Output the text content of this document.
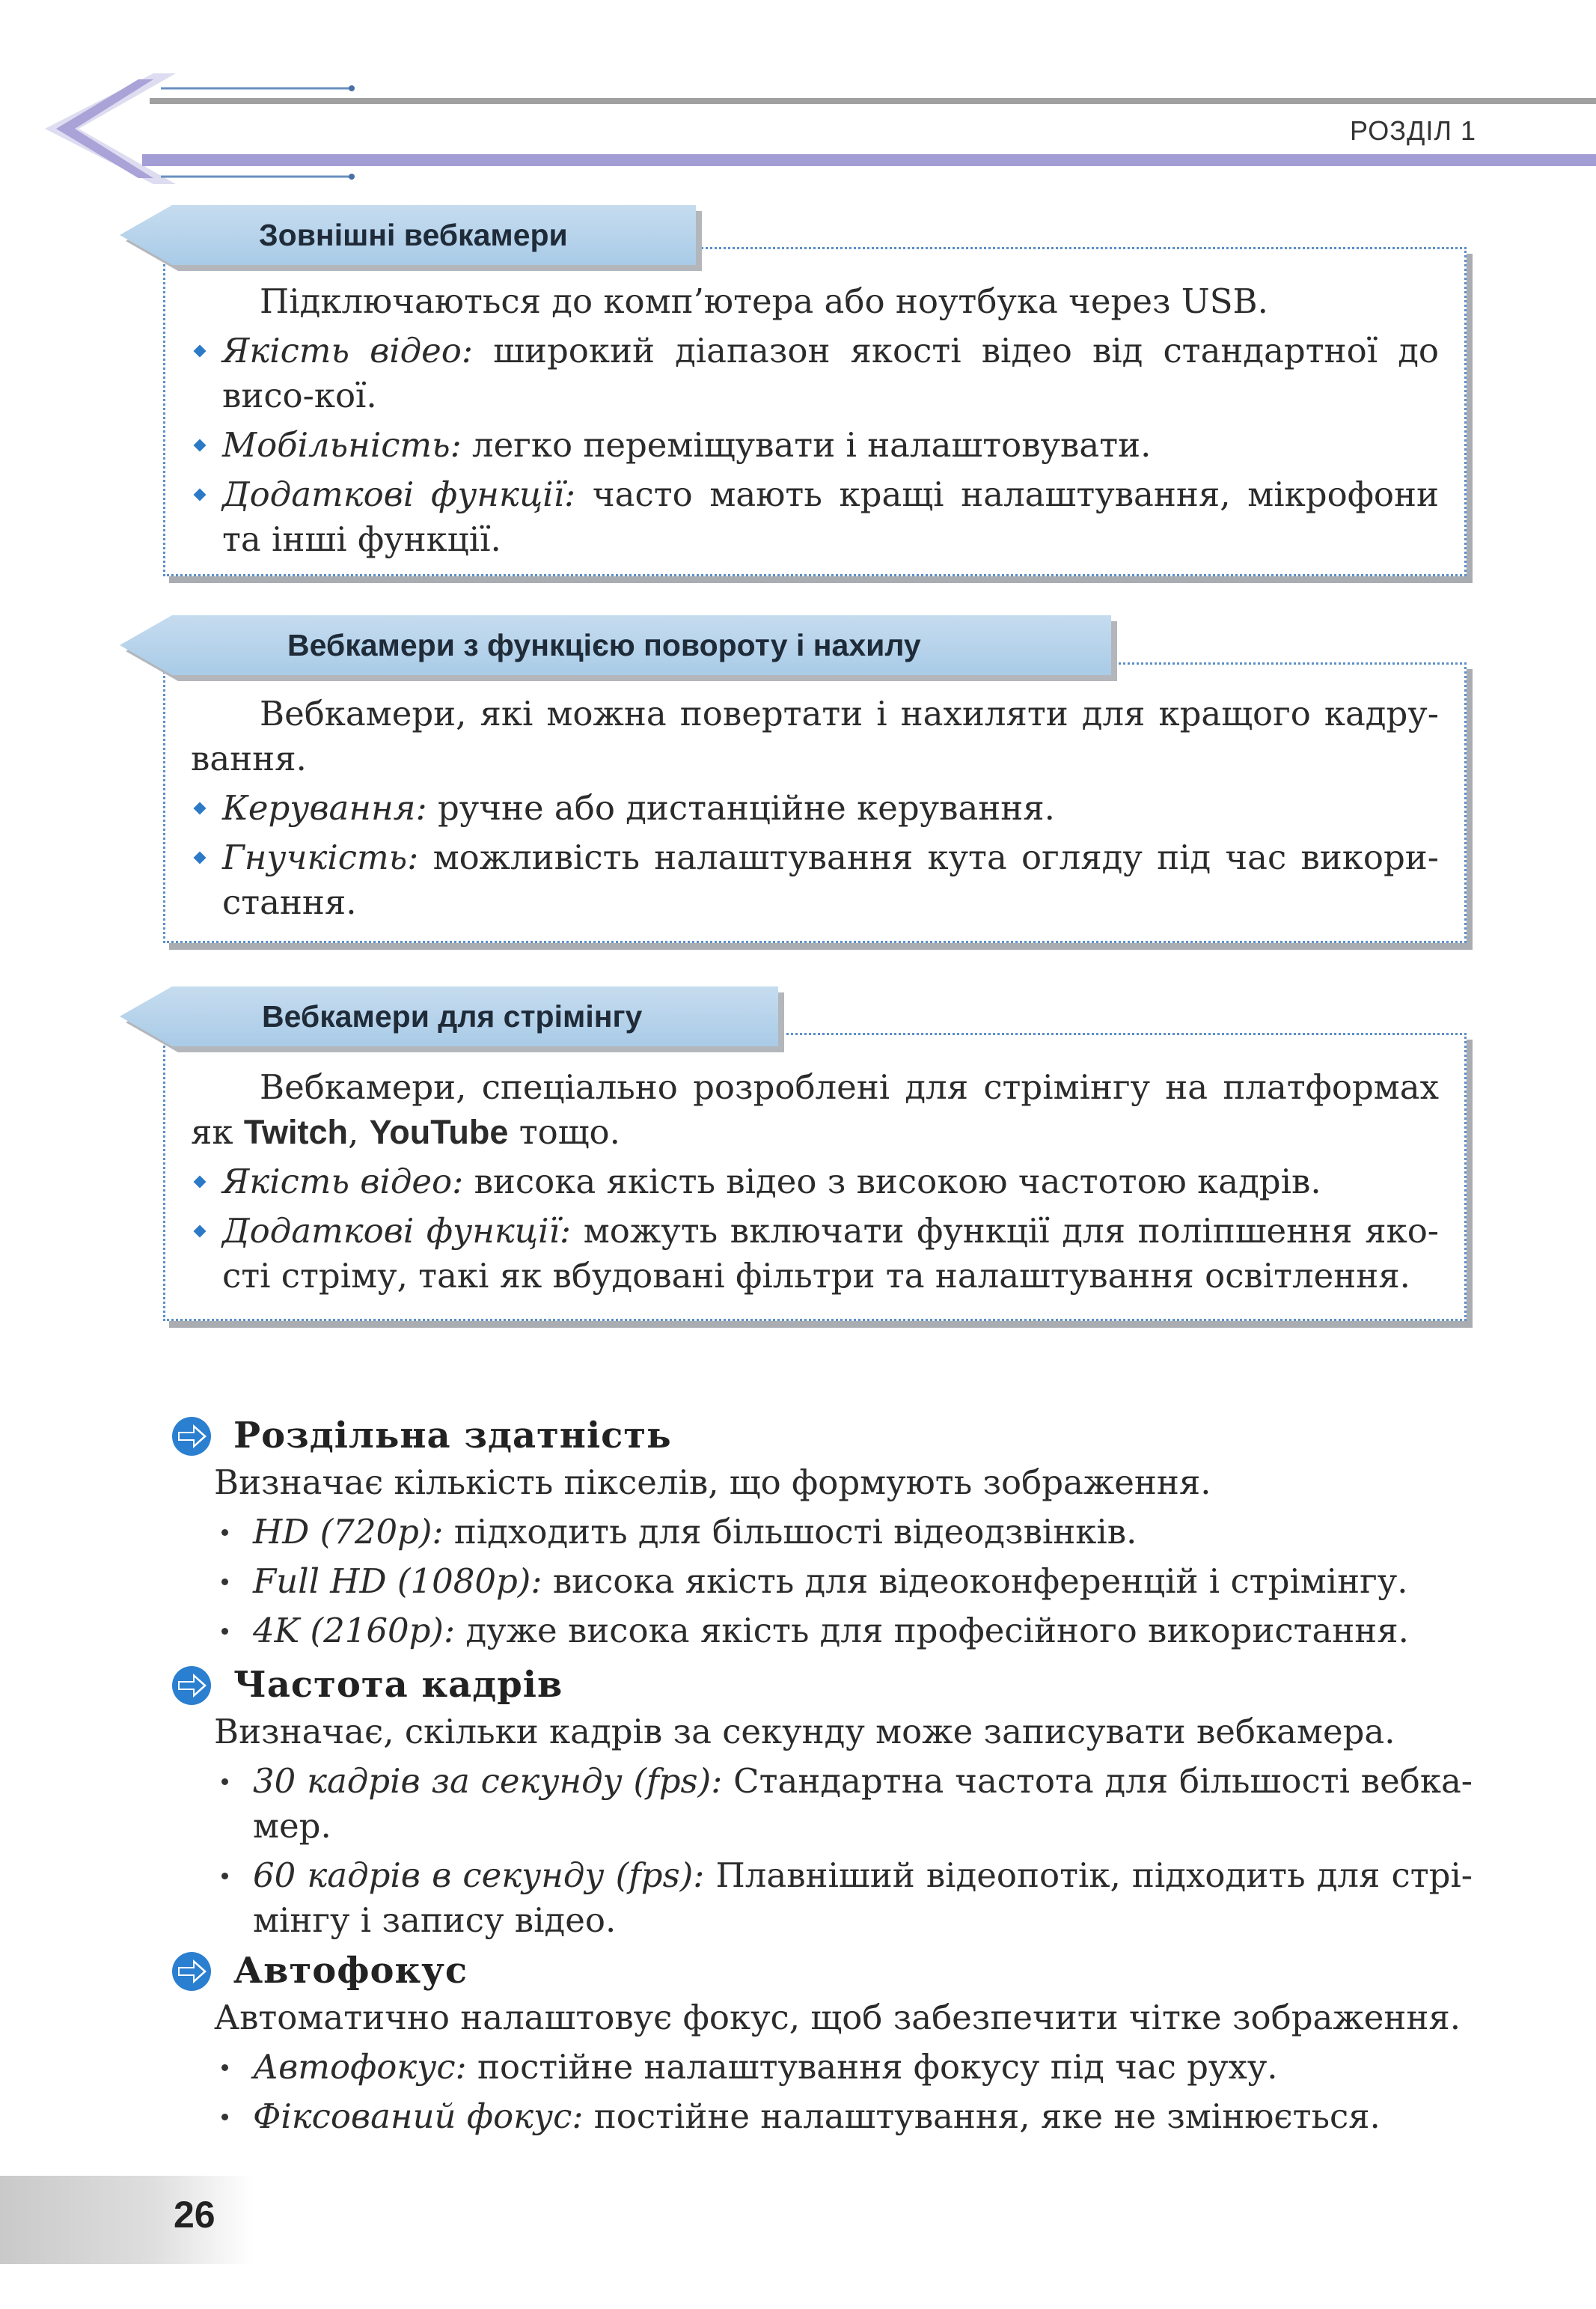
РОЗДІЛ 1

Підключаються до комп’ютера або ноутбука через USB.

Якість відео: широкий діапазон якості відео від стандартної до висо-кої.
Мобільність: легко переміщувати і налаштовувати.
Додаткові функції: часто мають кращі налаштування, мікрофони та інші функції.
Зовнішні вебкамери

Вебкамери, які можна повертати і нахиляти для кращого кадру-вання.

Керування: ручне або дистанційне керування.
Гнучкість: можливість налаштування кута огляду під час викори-стання.
Вебкамери з функцією повороту і нахилу

Вебкамери, спеціально розроблені для стрімінгу на платформах як Twitch, YouTube тощо.

Якість відео: висока якість відео з високою частотою кадрів.
Додаткові функції: можуть включати функції для поліпшення яко-сті стріму, такі як вбудовані фільтри та налаштування освітлення.
Вебкамери для стрімінгу
Роздільна здатність

Визначає кількість пікселів, що формують зображення.

HD (720p): підходить для більшості відеодзвінків.
Full HD (1080p): висока якість для відеоконференцій і стрімінгу.
4K (2160p): дуже висока якість для професійного використання.
Частота кадрів

Визначає, скільки кадрів за секунду може записувати вебкамера.

30 кадрів за секунду (fps): Стандартна частота для більшості вебка-мер.
60 кадрів в секунду (fps): Плавніший відеопотік, підходить для стрі-мінгу і запису відео.
Автофокус

Автоматично налаштовує фокус, щоб забезпечити чітке зображення.

Автофокус: постійне налаштування фокусу під час руху.
Фіксований фокус: постійне налаштування, яке не змінюється.
26
